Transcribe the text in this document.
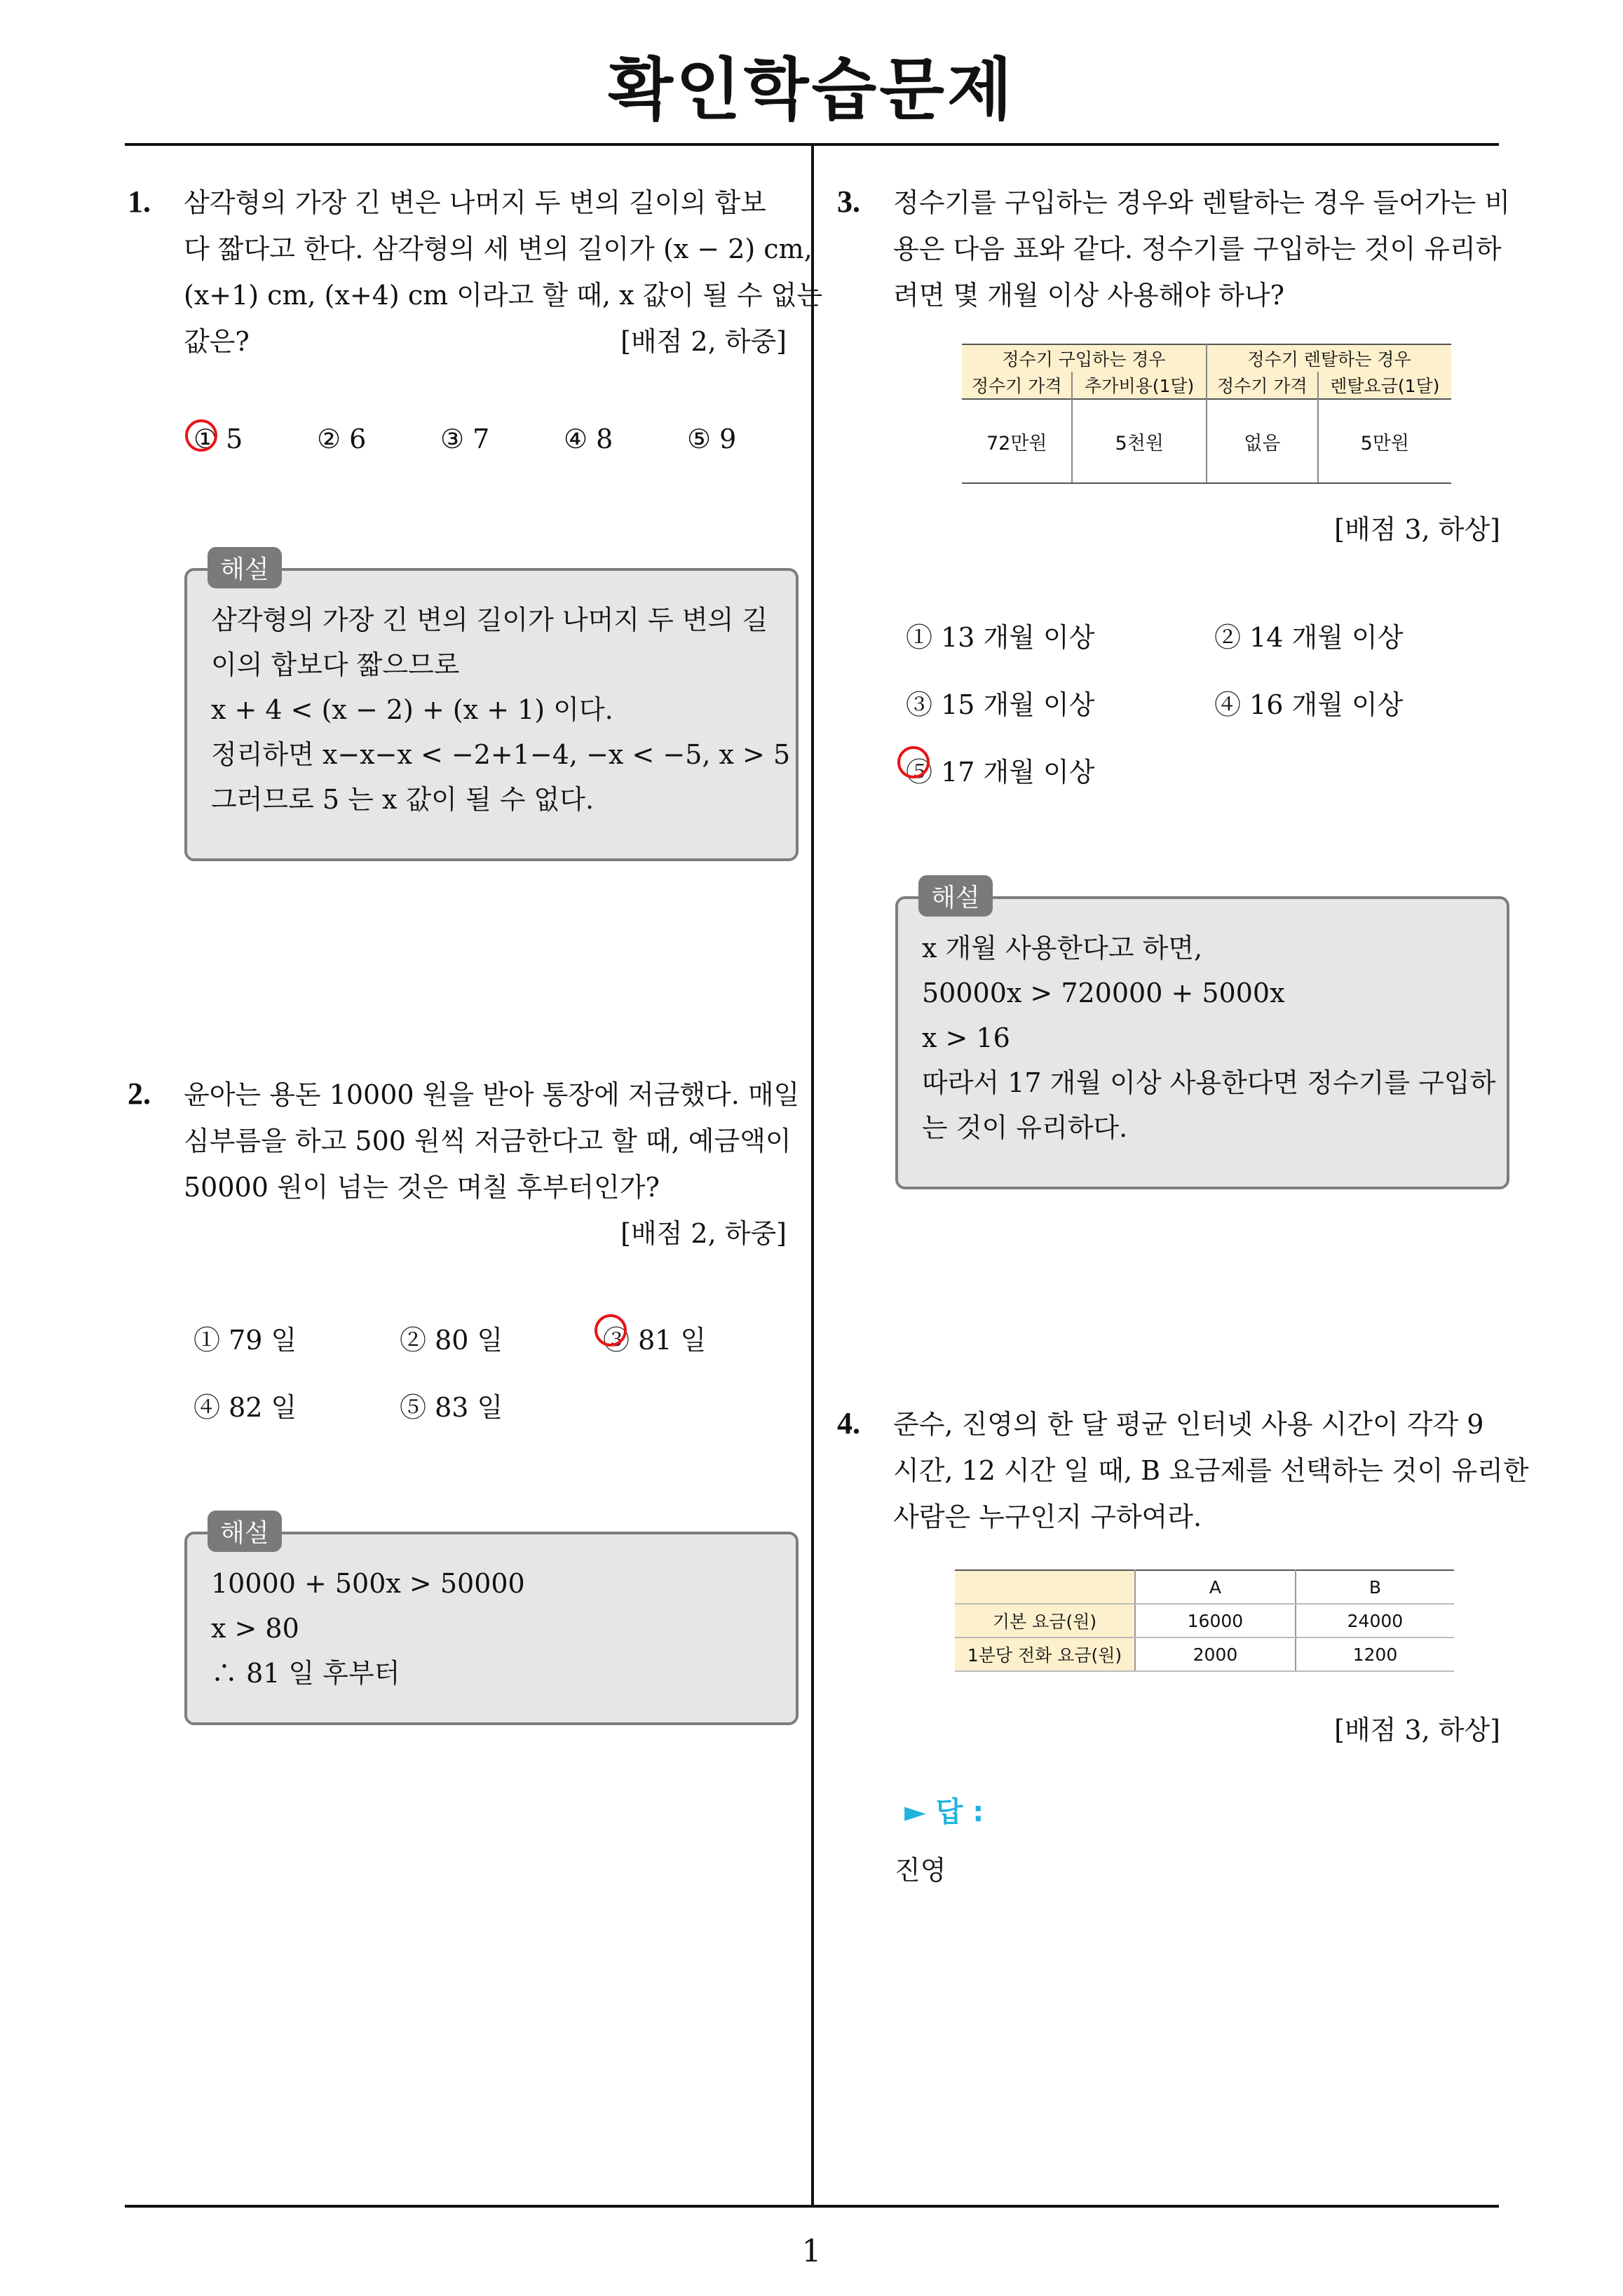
확인학습문제
1
1. 삼각형의 가장 긴 변은 나머지 두 변의 길이의 합보
다 짧다고 한다. 삼각형의 세 변의 길이가 (x − 2) cm,
(x+1) cm, (x+4) cm 이라고 할 때, x 값이 될 수 없는
값은?	[배점 2, 하중]
① 5	② 6	③ 7	④ 8	⑤ 9
삼각형의 가장 긴 변의 길이가 나머지 두 변의 길
이의 합보다 짧으므로
x + 4 < (x − 2) + (x + 1) 이다.
정리하면 x−x−x < −2+1−4, −x < −5, x > 5
그러므로 5 는 x 값이 될 수 없다.
해설
2. 윤아는 용돈 10000 원을 받아 통장에 저금했다. 매일
심부름을 하고 500 원씩 저금한다고 할 때, 예금액이
50000 원이 넘는 것은 며칠 후부터인가?
[배점 2, 하중]
① 79 일	② 80 일	③ 81 일
④ 82 일	⑤ 83 일
10000 + 500x > 50000
x > 80
∴ 81 일 후부터
해설
3. 정수기를 구입하는 경우와 렌탈하는 경우 들어가는 비
용은 다음 표와 같다. 정수기를 구입하는 것이 유리하
려면 몇 개월 이상 사용해야 하나?
정수기 구입하는 경우		정수기 렌탈하는 경우	
정수기 가격	추가비용(1달)	정수기 가격	렌탈요금(1달)
72만원	5천원	없음	5만원
[배점 3, 하상]
① 13 개월 이상	② 14 개월 이상
③ 15 개월 이상	④ 16 개월 이상
⑤ 17 개월 이상
x 개월 사용한다고 하면,
50000x > 720000 + 5000x
x > 16
따라서 17 개월 이상 사용한다면 정수기를 구입하
는 것이 유리하다.
해설
4. 준수, 진영의 한 달 평균 인터넷 사용 시간이 각각 9
시간, 12 시간 일 때, B 요금제를 선택하는 것이 유리한
사람은 누구인지 구하여라.
	A	B
기본 요금(원)	16000	24000
1분당 전화 요금(원)	2000	1200
[배점 3, 하상]
► 답 :
진영
